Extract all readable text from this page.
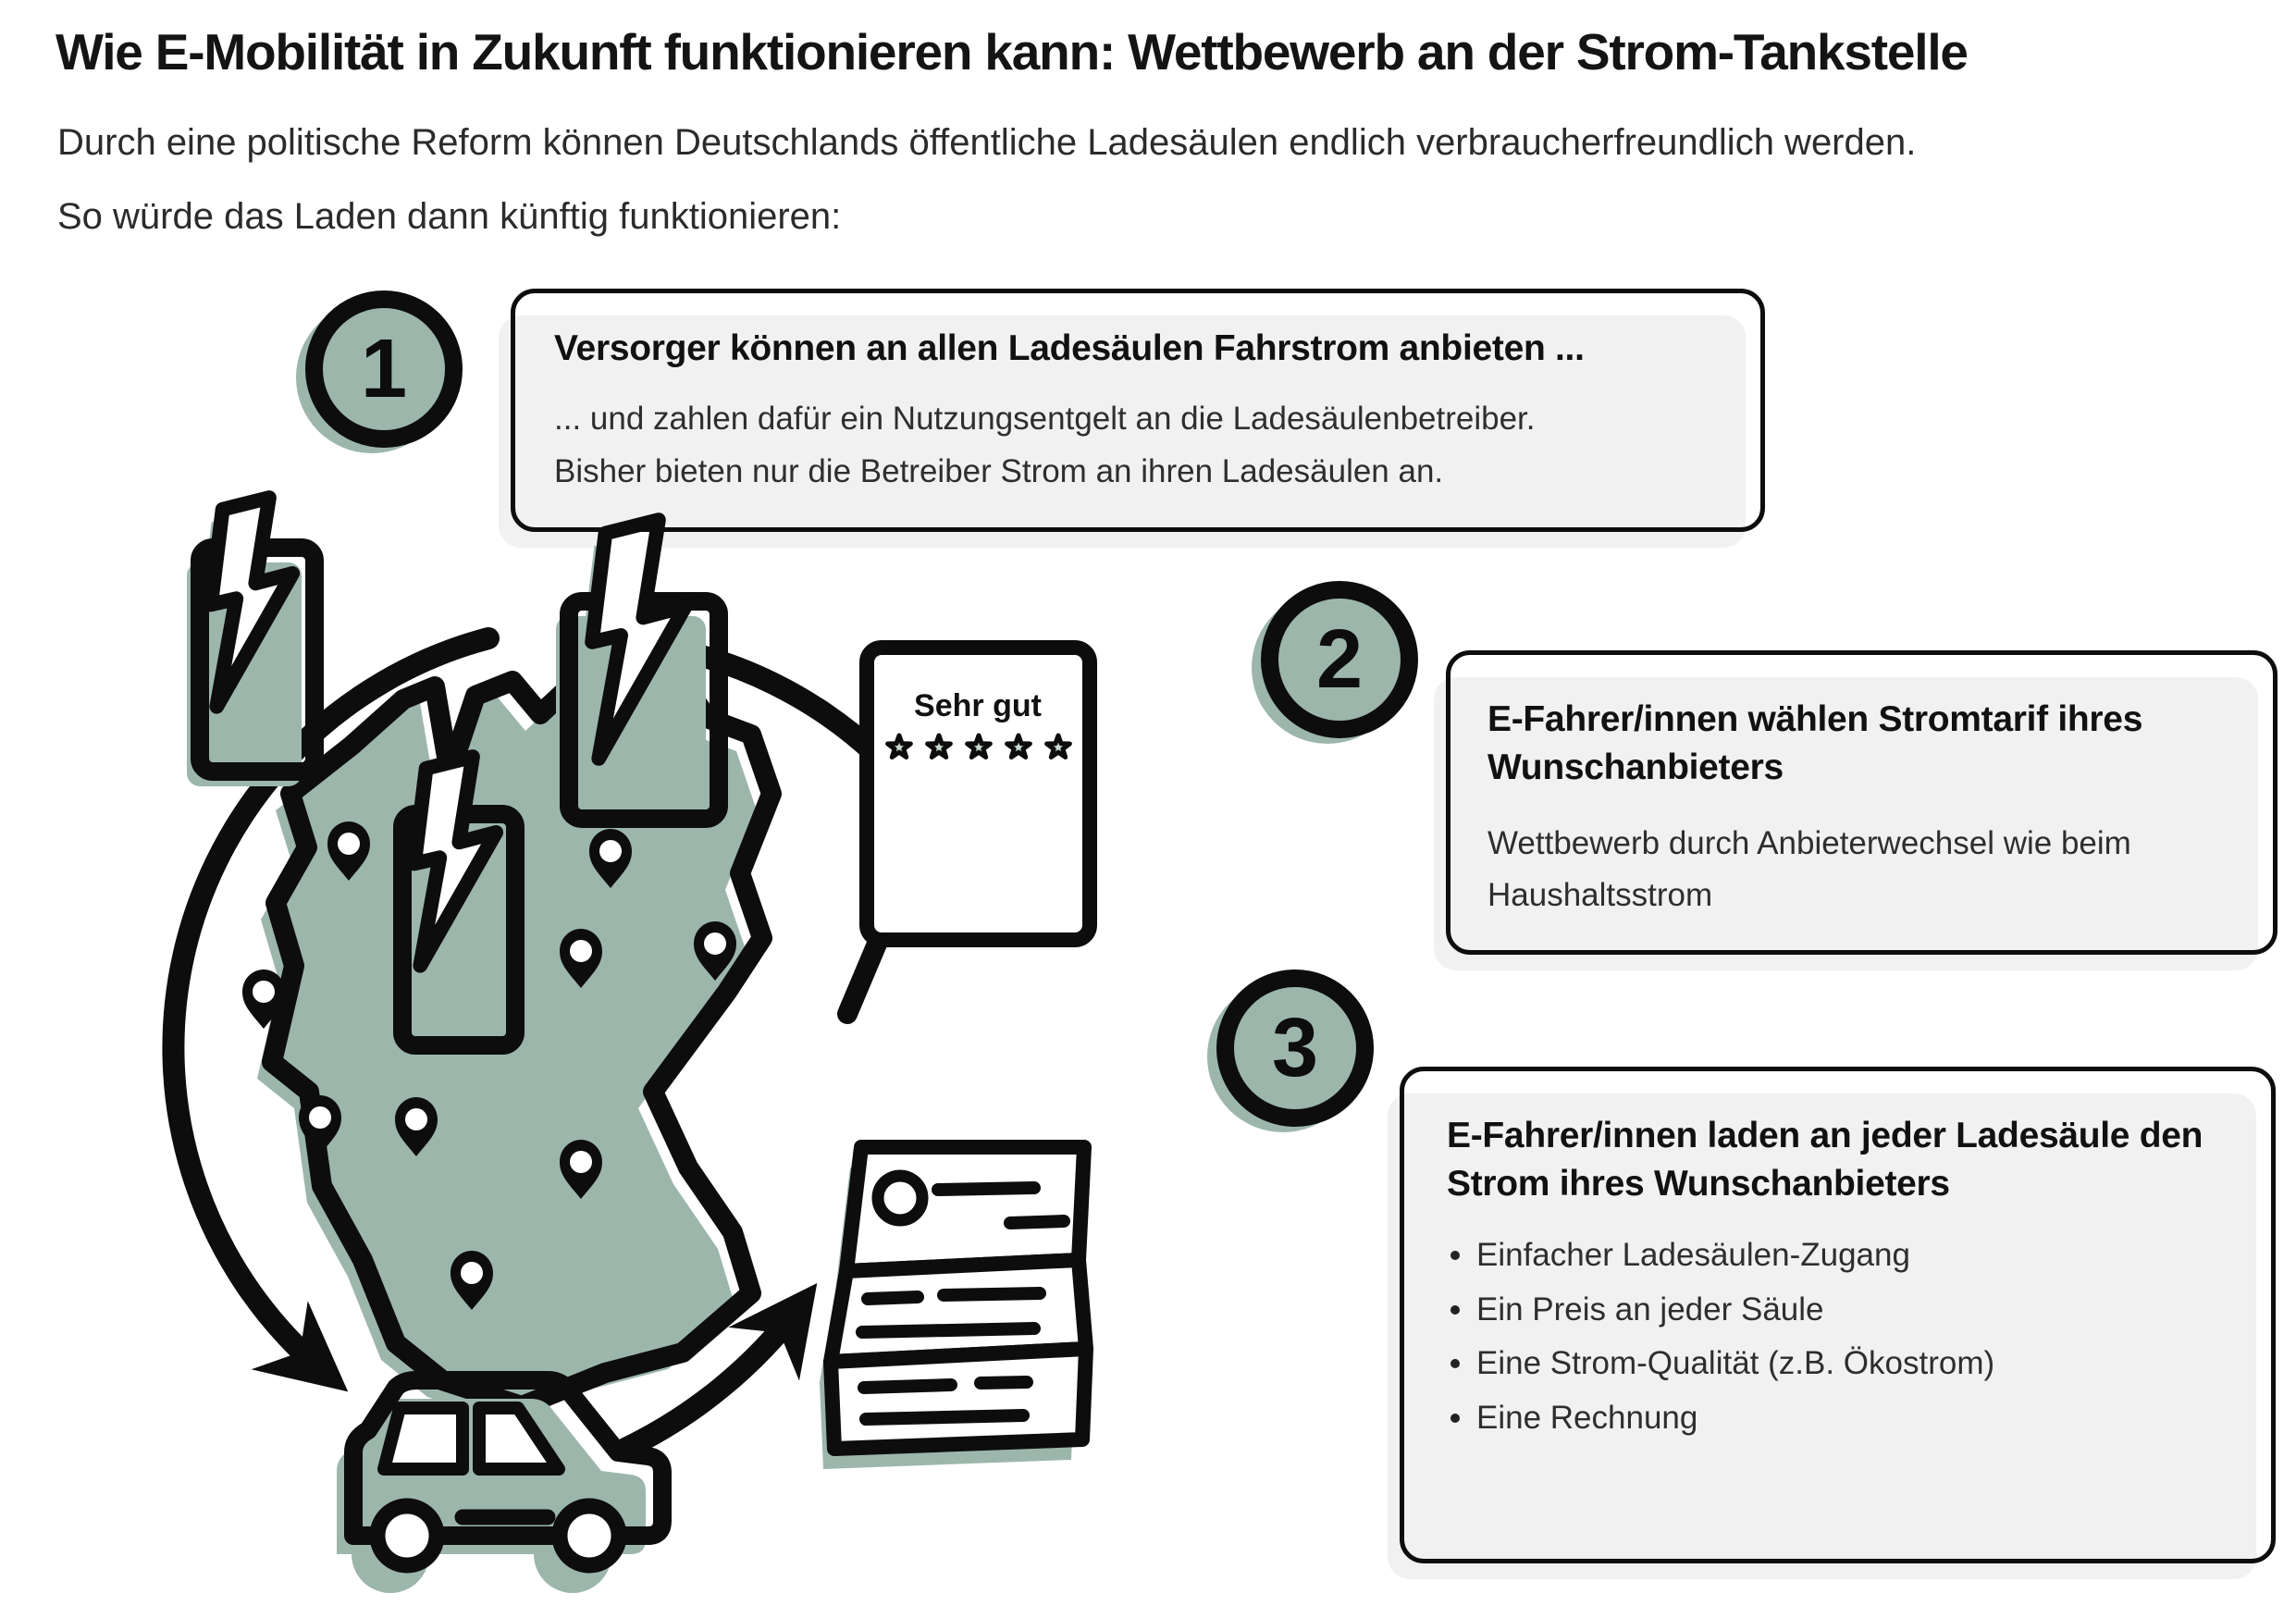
Sehr gut
Wie E-Mobilität in Zukunft funktionieren kann: Wettbewerb an der Strom-Tankstelle

Durch eine politische Reform können Deutschlands öffentliche Ladesäulen endlich verbraucherfreundlich werden.

So würde das Laden dann künftig funktionieren:

1
2
3
Versorger können an allen Ladesäulen Fahrstrom anbieten ...

... und zahlen dafür ein Nutzungsentgelt an die Ladesäulenbetreiber.

Bisher bieten nur die Betreiber Strom an ihren Ladesäulen an.

E-Fahrer/innen wählen Stromtarif ihres Wunschanbieters
Wettbewerb durch Anbieterwechsel wie beim Haushaltsstrom
E-Fahrer/innen laden an jeder Ladesäule den Strom ihres Wunschanbieters
Einfacher Ladesäulen-Zugang
Ein Preis an jeder Säule
Eine Strom-Qualität (z.B. Ökostrom)
Eine Rechnung
